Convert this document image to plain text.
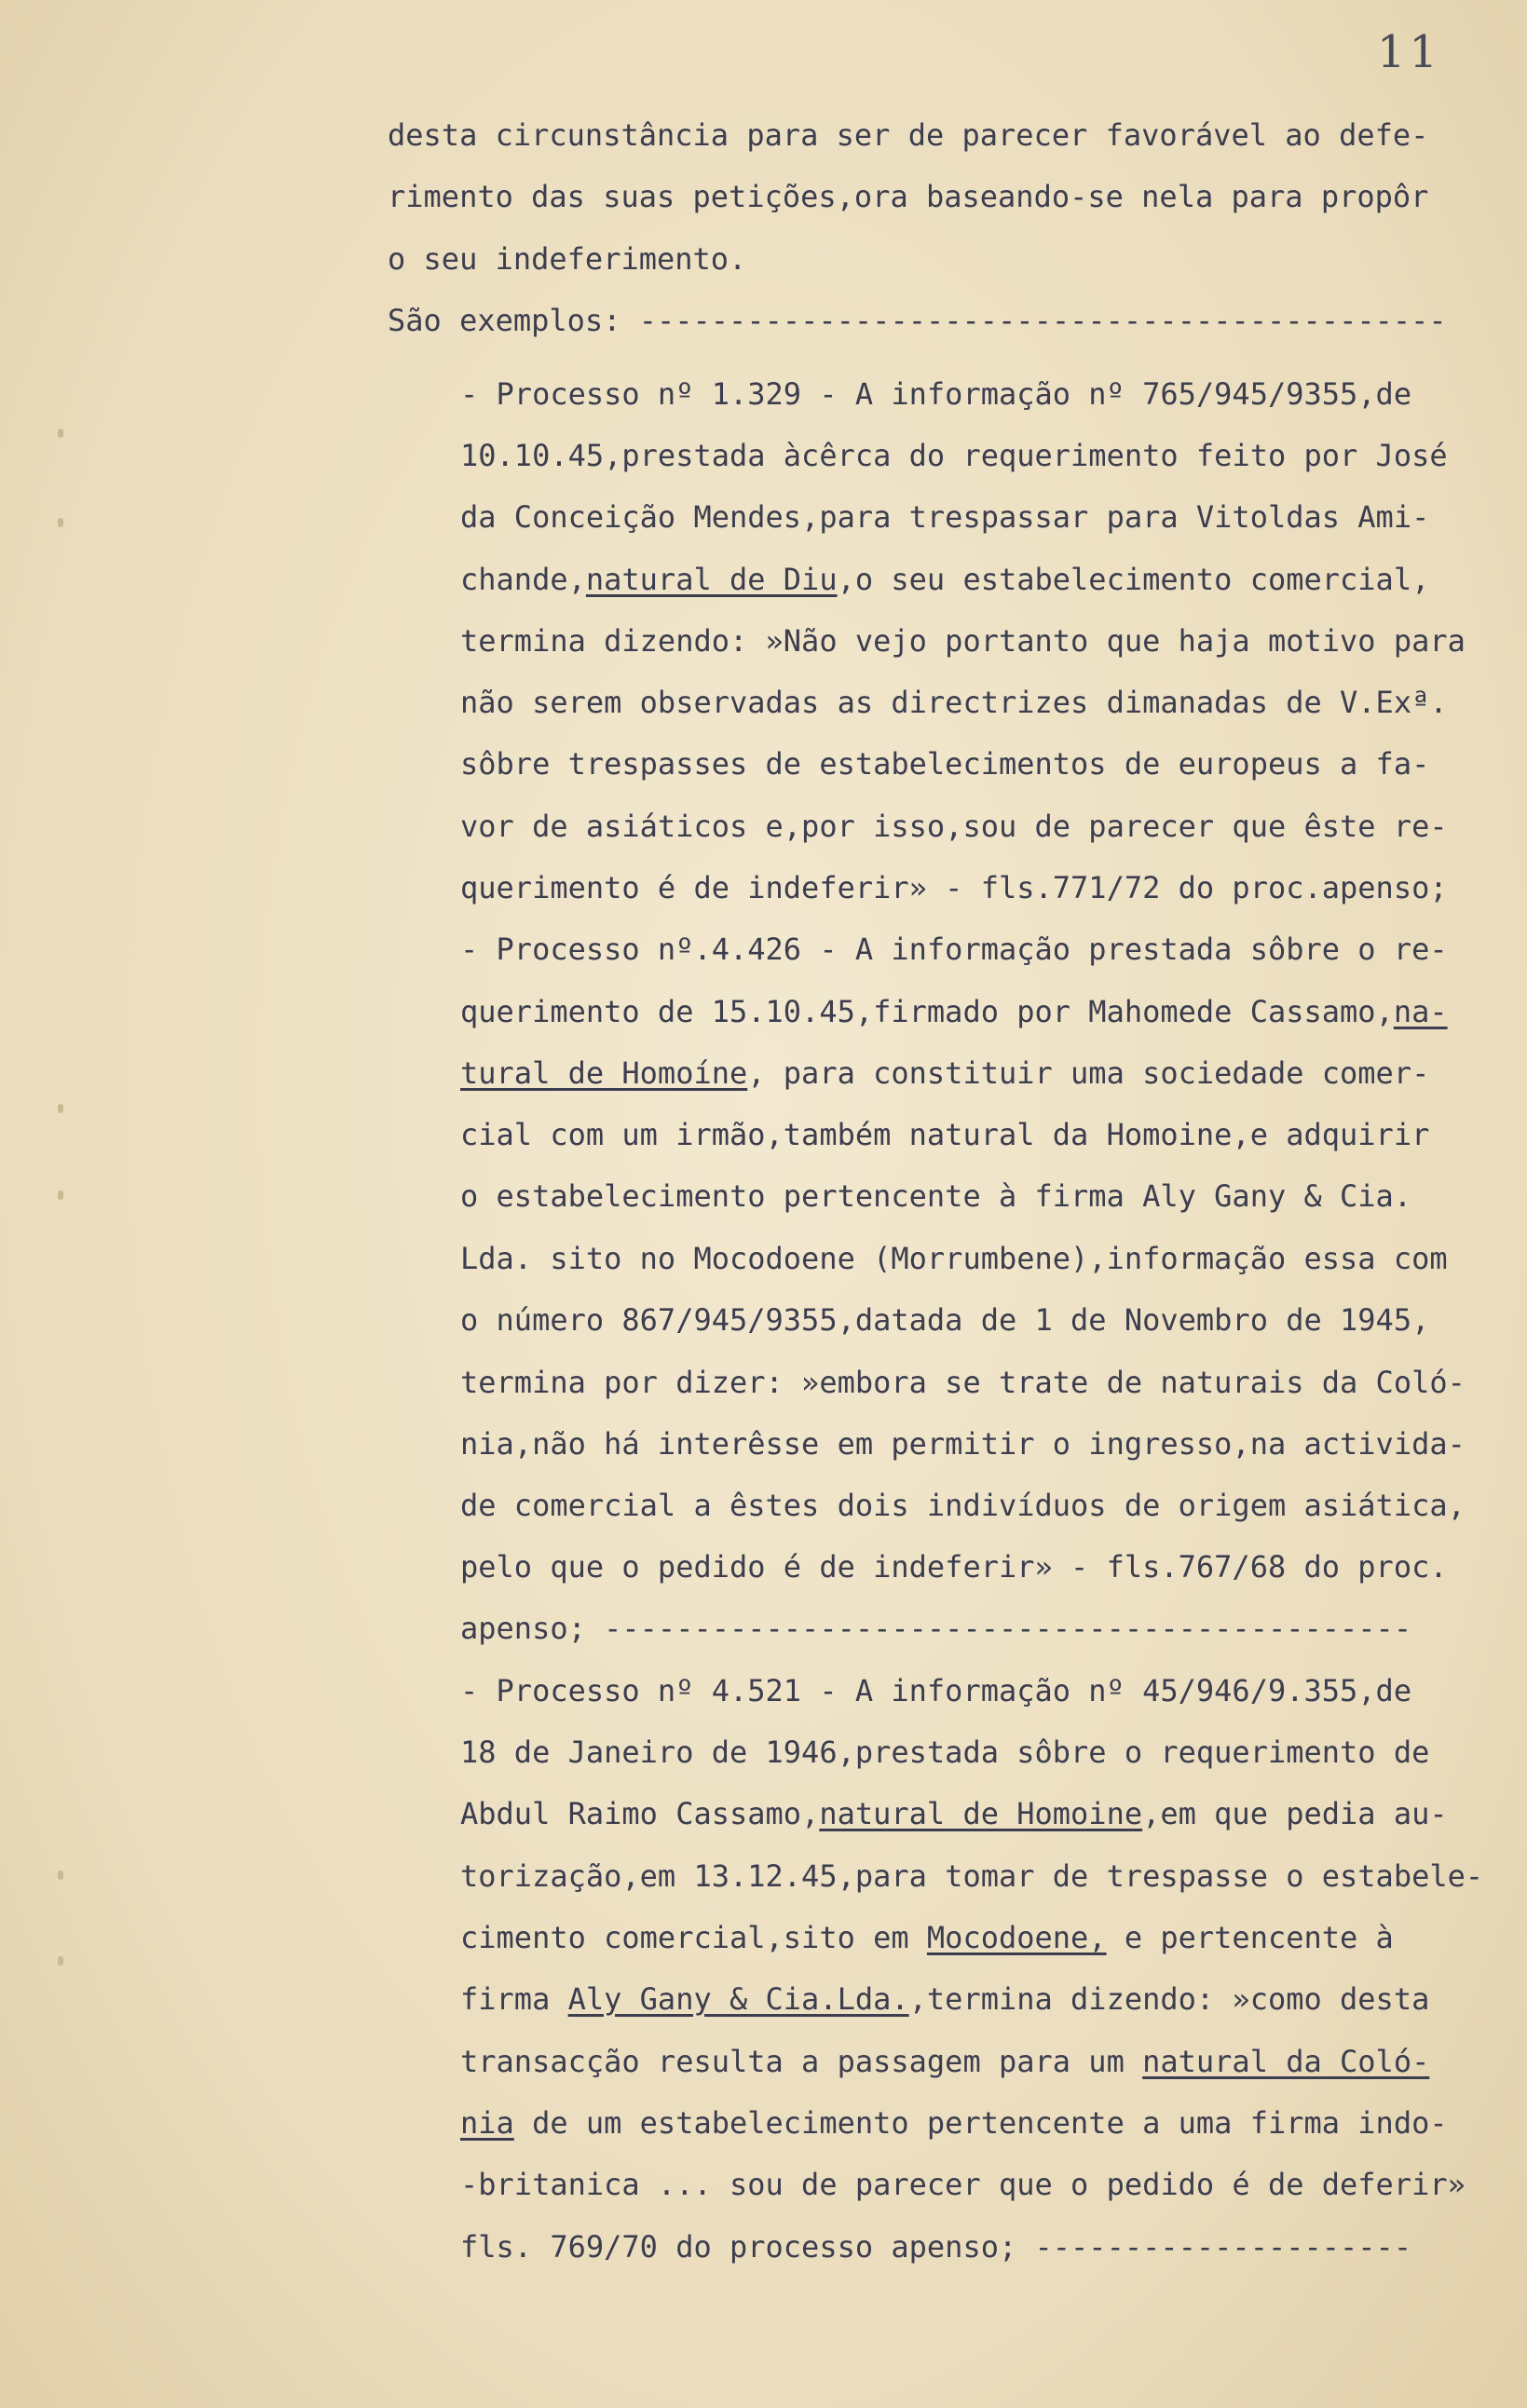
11
desta circunstância para ser de parecer favorável ao defe-
rimento das suas petições,ora baseando-se nela para propôr
o seu indeferimento.
São exemplos: ---------------------------------------------
- Processo nº 1.329 - A informação nº 765/945/9355,de
10.10.45,prestada àcêrca do requerimento feito por José
da Conceição Mendes,para trespassar para Vitoldas Ami-
chande,natural de Diu,o seu estabelecimento comercial,
termina dizendo: »Não vejo portanto que haja motivo para
não serem observadas as directrizes dimanadas de V.Exª.
sôbre trespasses de estabelecimentos de europeus a fa-
vor de asiáticos e,por isso,sou de parecer que êste re-
querimento é de indeferir» - fls.771/72 do proc.apenso;
- Processo nº.4.426 - A informação prestada sôbre o re-
querimento de 15.10.45,firmado por Mahomede Cassamo,na-
tural de Homoíne, para constituir uma sociedade comer-
cial com um irmão,também natural da Homoine,e adquirir
o estabelecimento pertencente à firma Aly Gany & Cia.
Lda. sito no Mocodoene (Morrumbene),informação essa com
o número 867/945/9355,datada de 1 de Novembro de 1945,
termina por dizer: »embora se trate de naturais da Coló-
nia,não há interêsse em permitir o ingresso,na activida-
de comercial a êstes dois indivíduos de origem asiática,
pelo que o pedido é de indeferir» - fls.767/68 do proc.
apenso; ---------------------------------------------
- Processo nº 4.521 - A informação nº 45/946/9.355,de
18 de Janeiro de 1946,prestada sôbre o requerimento de
Abdul Raimo Cassamo,natural de Homoine,em que pedia au-
torização,em 13.12.45,para tomar de trespasse o estabele-
cimento comercial,sito em Mocodoene, e pertencente à
firma Aly Gany & Cia.Lda.,termina dizendo: »como desta
transacção resulta a passagem para um natural da Coló-
nia de um estabelecimento pertencente a uma firma indo-
-britanica ... sou de parecer que o pedido é de deferir»
fls. 769/70 do processo apenso; ---------------------
